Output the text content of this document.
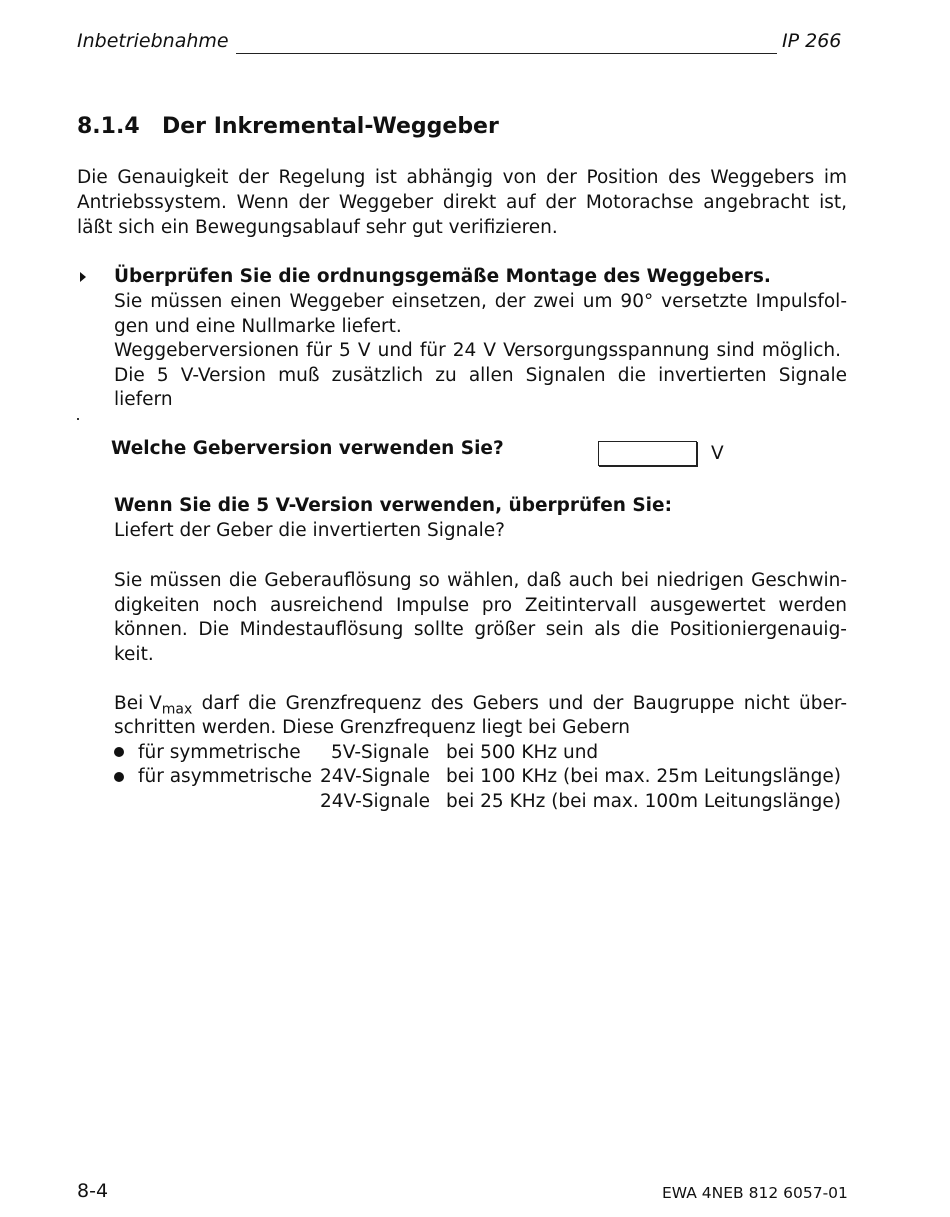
Inbetriebnahme	IP 266
8.1.4 Der Inkremental-Weggeber
Die Genauigkeit der Regelung ist abhängig von der Position des Weggebers im
Antriebssystem. Wenn der Weggeber direkt auf der Motorachse angebracht ist,
läßt sich ein Bewegungsablauf sehr gut verifizieren.
Überprüfen Sie die ordnungsgemäße Montage des Weggebers.
Sie müssen einen Weggeber einsetzen, der zwei um 90° versetzte Impulsfol-
gen und eine Nullmarke liefert.
Weggeberversionen für 5 V und für 24 V Versorgungsspannung sind möglich.
Die 5 V-Version muß zusätzlich zu allen Signalen die invertierten Signale
liefern
Welche Geberversion verwenden Sie?	V
Wenn Sie die 5 V-Version verwenden, überprüfen Sie:
Liefert der Geber die invertierten Signale?
Sie müssen die Geberauflösung so wählen, daß auch bei niedrigen Geschwin-
digkeiten noch ausreichend Impulse pro Zeitintervall ausgewertet werden
können. Die Mindestauflösung sollte größer sein als die Positioniergenauig-
keit.
Bei $V_{max}$ darf die Grenzfrequenz des Gebers und der Baugruppe nicht über-
schritten werden. Diese Grenzfrequenz liegt bei Gebern
für symmetrische 5V-Signale bei 500 KHz und
für asymmetrische 24V-Signale bei 100 KHz (bei max. 25m Leitungslänge)
24V-Signale bei 25 KHz (bei max. 100m Leitungslänge)
8-4	EWA 4NEB 812 6057-01
